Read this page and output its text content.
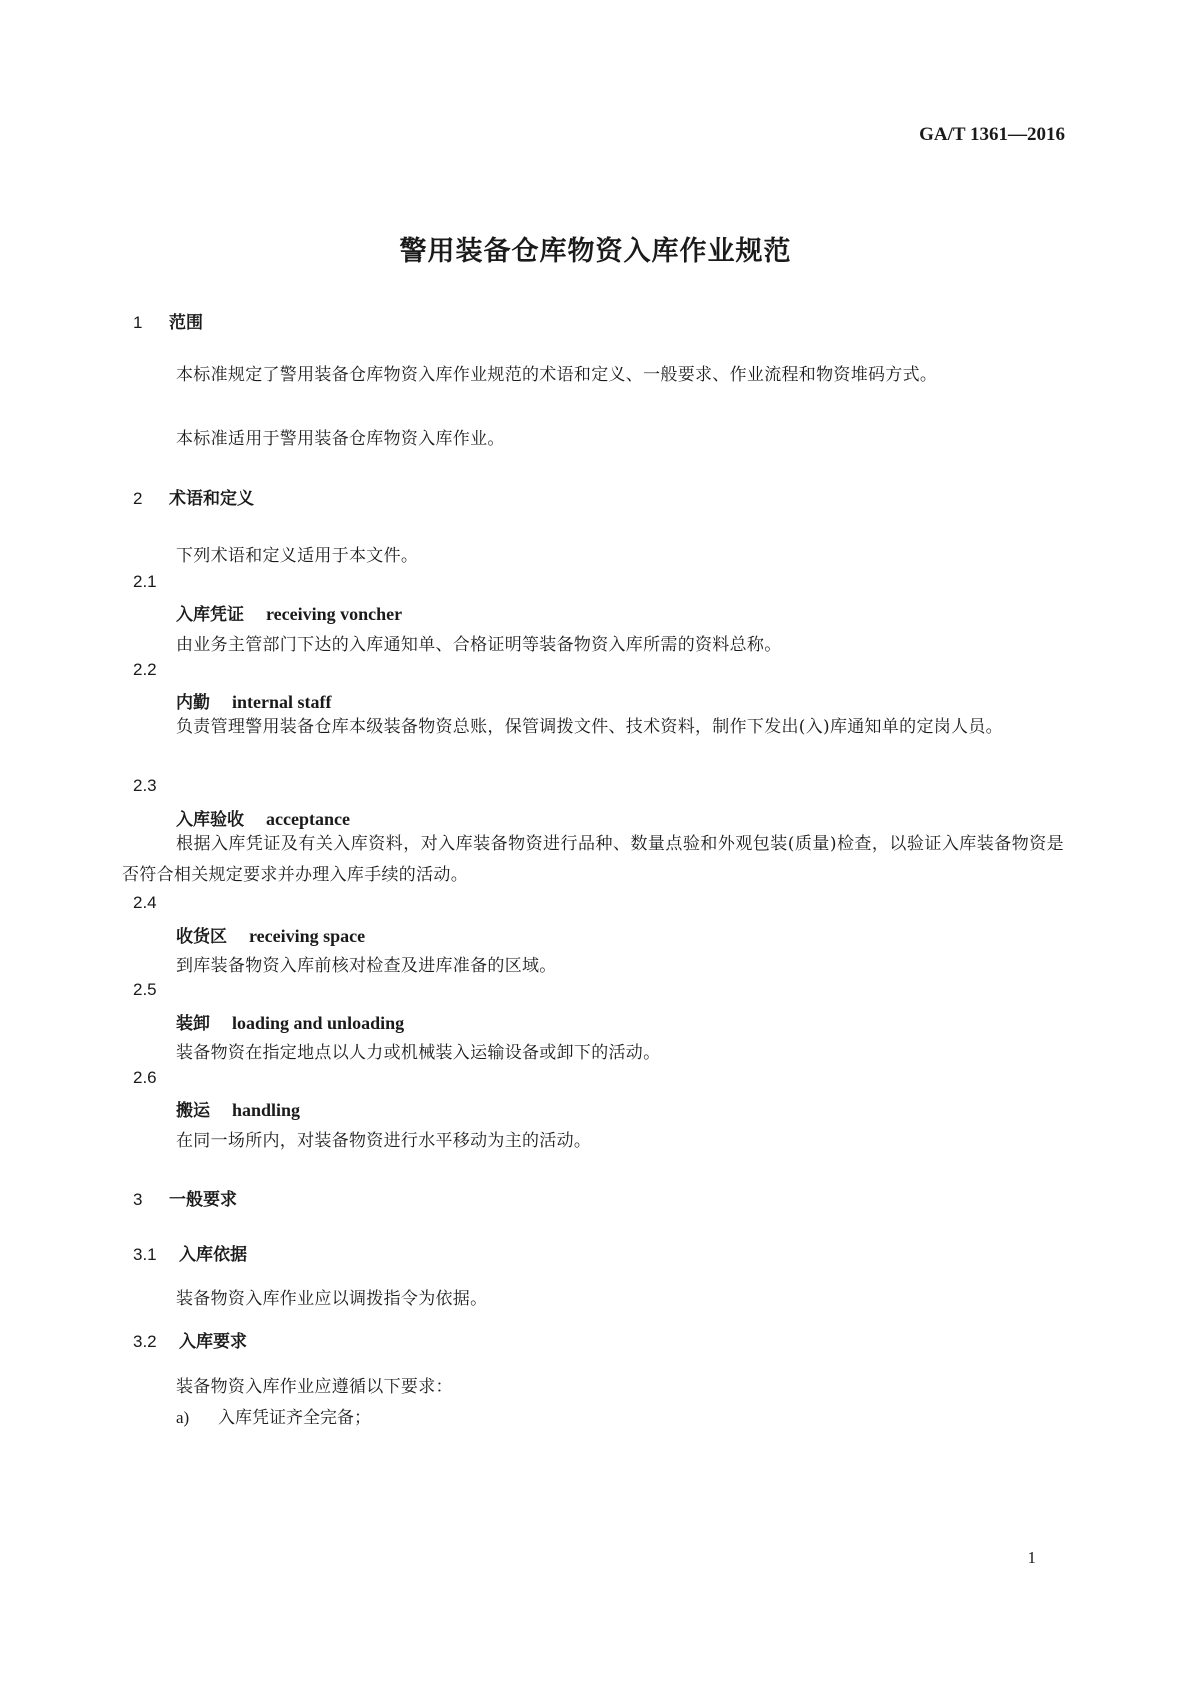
GA/T 1361—2016
警用装备仓库物资入库作业规范
1 范围
本标准规定了警用装备仓库物资入库作业规范的术语和定义、一般要求、作业流程和物资堆码方式。
本标准适用于警用装备仓库物资入库作业。
2 术语和定义
下列术语和定义适用于本文件。
2.1
入库凭证 receiving voncher
由业务主管部门下达的入库通知单、合格证明等装备物资入库所需的资料总称。
2.2
内勤 internal staff
负责管理警用装备仓库本级装备物资总账，保管调拨文件、技术资料，制作下发出(入)库通知单的定岗人员。
2.3
入库验收 acceptance
根据入库凭证及有关入库资料，对入库装备物资进行品种、数量点验和外观包装(质量)检查，以验证入库装备物资是否符合相关规定要求并办理入库手续的活动。
2.4
收货区 receiving space
到库装备物资入库前核对检查及进库准备的区域。
2.5
装卸 loading and unloading
装备物资在指定地点以人力或机械装入运输设备或卸下的活动。
2.6
搬运 handling
在同一场所内，对装备物资进行水平移动为主的活动。
3 一般要求
3.1 入库依据
装备物资入库作业应以调拨指令为依据。
3.2 入库要求
装备物资入库作业应遵循以下要求：
a) 入库凭证齐全完备；
1
